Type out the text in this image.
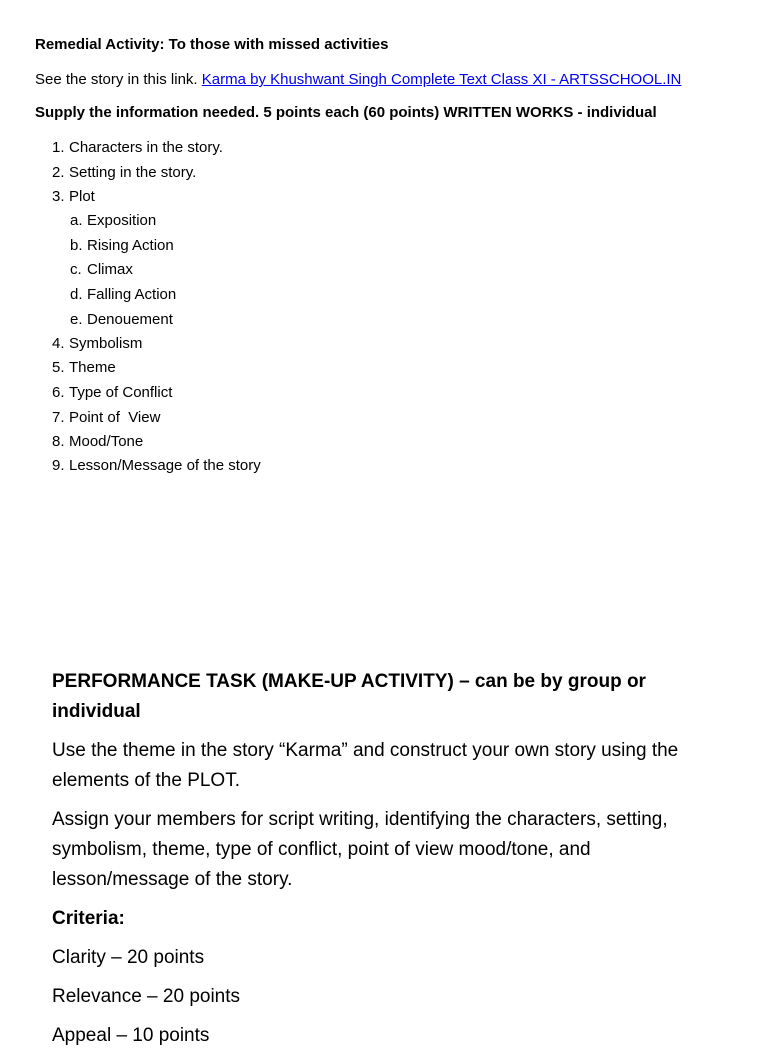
Remedial Activity: To those with missed activities
See the story in this link. Karma by Khushwant Singh Complete Text Class XI - ARTSSCHOOL.IN
Supply the information needed. 5 points each (60 points) WRITTEN WORKS - individual
1. Characters in the story.
2. Setting in the story.
3. Plot
a. Exposition
b. Rising Action
c. Climax
d. Falling Action
e. Denouement
4. Symbolism
5. Theme
6. Type of Conflict
7. Point of  View
8. Mood/Tone
9. Lesson/Message of the story

PERFORMANCE TASK (MAKE-UP ACTIVITY) – can be by group or individual

Use the theme in the story “Karma” and construct your own story using the elements of the PLOT.

Assign your members for script writing, identifying the characters, setting, symbolism, theme, type of conflict, point of view mood/tone, and lesson/message of the story.

Criteria:

Clarity – 20 points

Relevance – 20 points

Appeal – 10 points
